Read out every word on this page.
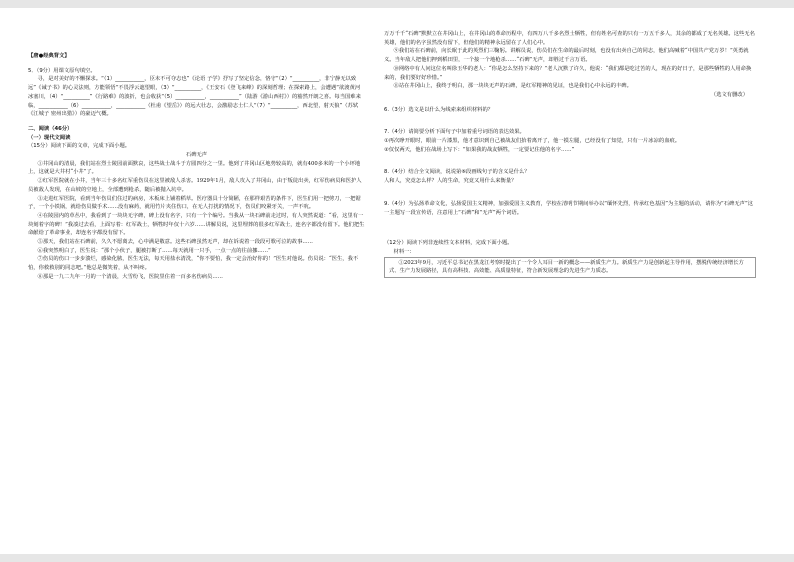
【唐●经典背文】

5．（9分）用课文原句填空。

寻，是对美好的不懈探求。“（1）___________，臣未不可夺志也”《论语 子学》抒写了坚定信念，恪守“（2）“__________，非宁静无以致远”《诫子书》的心灵法则，方能领悟“不畏浮云遮望眼，（3）“__________，《王安石《登飞来峰》的深刻哲理；在探索路上，会遭遇“欲渡黄河冰塞川，（4）“__________”《行路难》的波折，也会收获“（5）___________，___________”（陆游《游山西村》）的豁然开朗之喜。每当国难来临，___________（6）___________，___________（杜甫《望岳》）的远大壮志，会激励志士仁人“（7）“__________，西北望，射天狼”（苏轼《江城子 密州出猎》）的豪迈气概。

二、阅读（46分）

（一）现代文阅读

（15分）阅读下面的文章，完成下面小题。

石碑无声

①井冈山的清晨，我们站在烈士陵园前面默哀，这些战士战斗于方圆四分之一里。他到了井冈山区地势较高的，就有400多米的一个小坪地上，这就是大井村“小井”了。

②红军医院就在小井，当年三十多名红军重伤员在这里被敌人杀害。1929年1月，敌人攻入了井冈山，由于叛徒出卖，红军伤病员和医护人员被敌人发现，在山坡的空地上，全部遭到枪杀，随后被抛入坑中。

③走进红军医院，看到当年伤员们住过的病房，木板床上铺着稻草。医疗器具十分简陋，在那样艰苦的条件下，医生们用一把剪刀，一把锯子，一个小铁锅，就给伤员做手术……没有麻药，就用竹片夹住伤口，在无人打扰的情况下，伤员们咬紧牙关，一声不吭。

④在陵园内的草丛中，我看到了一块块无字碑，碑上没有名字，只有一个个编号。当我从一块石碑前走过时，有人突然说道：“看，这里有一块刻着字的碑！”我凑过去看，上面写着：红军战士，牺牲时年仅十六岁……讲解员说，这里埋葬的很多红军战士，连名字都没有留下。他们把生命献给了革命事业，却连名字都没有留下。

⑤那天，我们站在石碑前，久久不愿离去，心中满是敬意。这些石碑虽然无声，却在诉说着一段段可歌可泣的故事……

⑥我突然明白了，医生说：“那个小伙子，腿被打断了……每天就用一只手，一点一点的往前挪……”

⑦伤员的伤口一步步溃烂，感染化脓，医生无法，每天用盐水清洗，“你不要怕，我一定会治好你的！”医生对他说。伤员说：“医生，我不怕，你救救别的同志吧。”他总是微笑着，从不叫疼。

⑧那是一九二九年一月的一个清晨，大雪纷飞，医院里住着一百多名伤病员……

万万千千“石碑”默默立在井冈山上，在井冈山的革命历程中，有四万八千多名烈士牺牲，但有姓名可查的只有一万五千多人，其余的都成了无名英雄。这些无名英雄，他们的名字虽然没有留下，但他们的精神永远留在了人们心中。

⑨我们站在石碑前，向长眠于此的英烈们三鞠躬。讲解员说，伤员们在生命的最后时刻，也没有出卖自己的同志，他们高喊着“中国共产党万岁！”英勇就义。当年敌人把他们押到稻田里，一个接一个地枪杀……“石碑”无声，却胜过千言万语。

⑩网络中有人问这位名叫徐玉华的老人：“你是怎么坚持下来的？”老人沉默了许久，他说：“我们都是吃过苦的人，现在的好日子，是那些牺牲的人用命换来的，我们要好好珍惜。”

⑪站在井冈山上，我终于明白，那一块块无声的石碑，是红军精神的见证，也是我们心中永远的丰碑。

（选文有删改）

6.（3分）选文是以什么为线索来组织材料的？

7.（4分）请简要分析下面句子中加着重号词语的表达效果。

①再次睁开眼时，眼前一片漆黑，他才意识到自己被战友们抬着离开了，他一摸左腿，已经没有了知觉，只有一片冰凉的血痕。

②仅仅两天，他们在战场上写下：“如果我的战友牺牲，一定要记住他的名字……”

8.（4分）结合全文阅读，说说第⑥段画线句子的含义是什么？

人和人，究竟怎么样？人的生命，究竟又用什么来衡量？

9.（4分）为弘扬革命文化，弘扬爱国主义精神，加强爱国主义教育，学校在清明节期间举办以“缅怀先烈，传承红色基因”为主题的活动，请你为“石碑无声”这一主题写一段宣传语，注意用上“石碑”和“无声”两个词语。

（12分）阅读下列非连续性文本材料，完成下面小题。

材料一：

①2023年9月，习近平总书记在黑龙江考察时提出了一个令人耳目一新的概念——新质生产力。新质生产力是创新起主导作用，摆脱传统经济增长方式、生产力发展路径，具有高科技、高效能、高质量特征，符合新发展理念的先进生产力质态。
